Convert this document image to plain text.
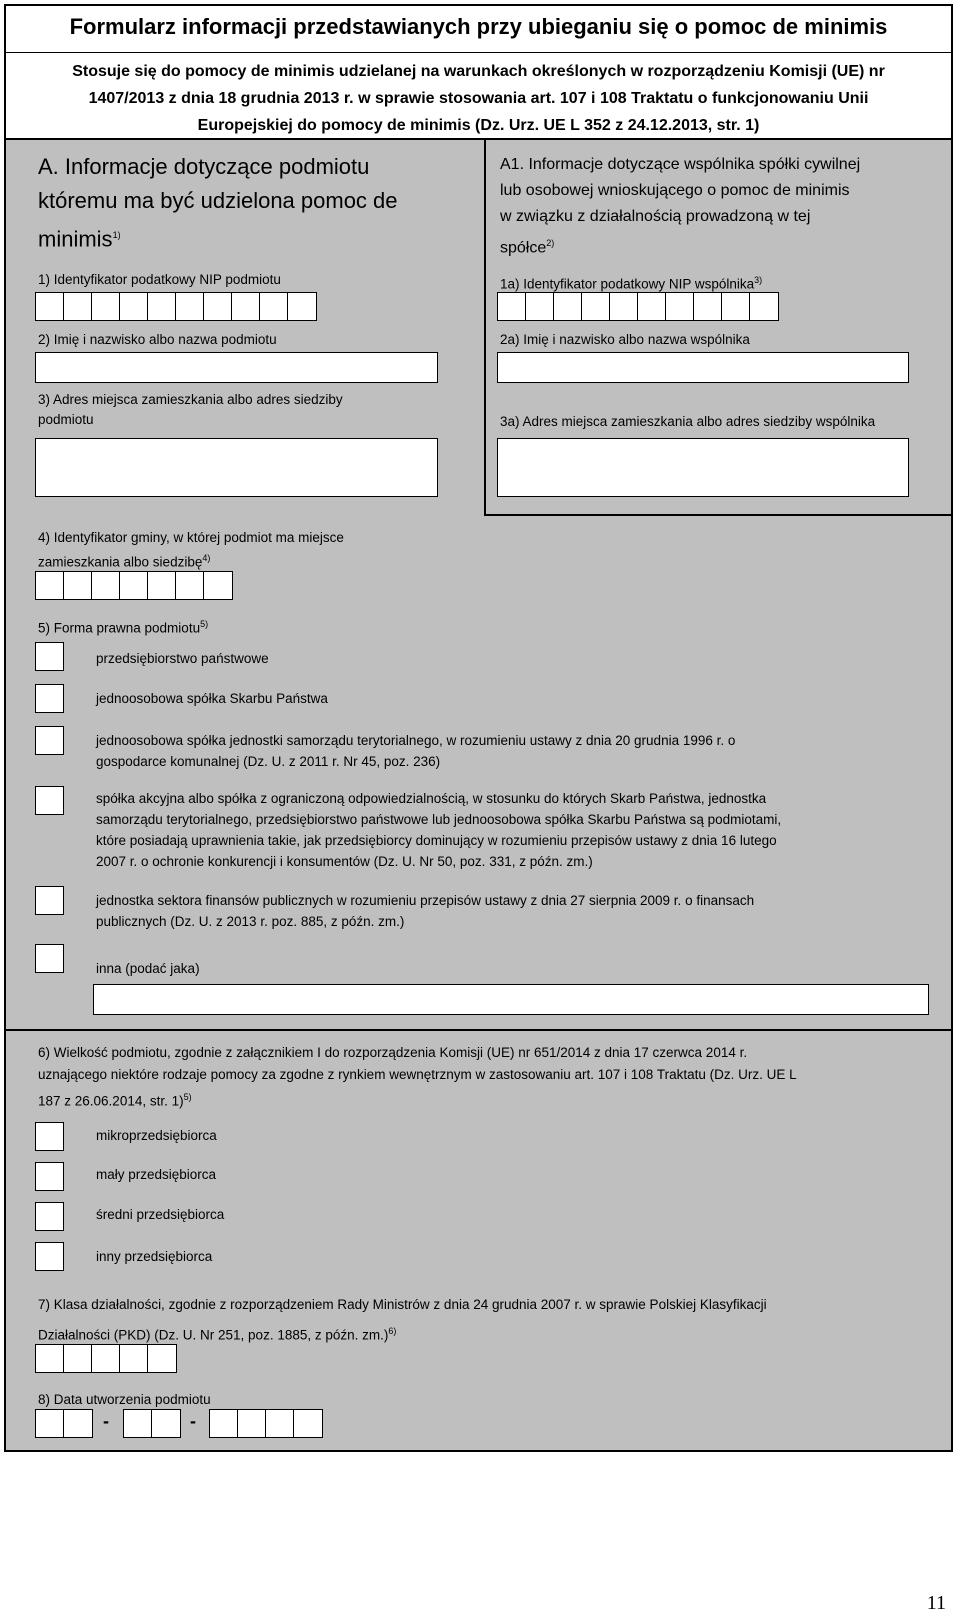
Formularz informacji przedstawianych przy ubieganiu się o pomoc de minimis
Stosuje się do pomocy de minimis udzielanej na warunkach określonych w rozporządzeniu Komisji (UE) nr
1407/2013 z dnia 18 grudnia 2013 r. w sprawie stosowania art. 107 i 108 Traktatu o funkcjonowaniu Unii
Europejskiej do pomocy de minimis (Dz. Urz. UE L 352 z 24.12.2013, str. 1)
A. Informacje dotyczące podmiotu
któremu ma być udzielona pomoc de
minimis$^{1)}$
A1. Informacje dotyczące wspólnika spółki cywilnej
lub osobowej wnioskującego o pomoc de minimis
w związku z działalnością prowadzoną w tej
spółce$^{2)}$
1) Identyfikator podatkowy NIP podmiotu	1a) Identyfikator podatkowy NIP wspólnika$^{3)}$
2) Imię i nazwisko albo nazwa podmiotu	2a) Imię i nazwisko albo nazwa wspólnika
3) Adres miejsca zamieszkania albo adres siedziby
podmiotu	3a) Adres miejsca zamieszkania albo adres siedziby wspólnika
4) Identyfikator gminy, w której podmiot ma miejsce
zamieszkania albo siedzibę$^{4)}$
5) Forma prawna podmiotu$^{5)}$
przedsiębiorstwo państwowe
jednoosobowa spółka Skarbu Państwa
jednoosobowa spółka jednostki samorządu terytorialnego, w rozumieniu ustawy z dnia 20 grudnia 1996 r. o
gospodarce komunalnej (Dz. U. z 2011 r. Nr 45, poz. 236)
spółka akcyjna albo spółka z ograniczoną odpowiedzialnością, w stosunku do których Skarb Państwa, jednostka
samorządu terytorialnego, przedsiębiorstwo państwowe lub jednoosobowa spółka Skarbu Państwa są podmiotami,
które posiadają uprawnienia takie, jak przedsiębiorcy dominujący w rozumieniu przepisów ustawy z dnia 16 lutego
2007 r. o ochronie konkurencji i konsumentów (Dz. U. Nr 50, poz. 331, z późn. zm.)
jednostka sektora finansów publicznych w rozumieniu przepisów ustawy z dnia 27 sierpnia 2009 r. o finansach
publicznych (Dz. U. z 2013 r. poz. 885, z późn. zm.)
inna (podać jaka)
6) Wielkość podmiotu, zgodnie z załącznikiem I do rozporządzenia Komisji (UE) nr 651/2014 z dnia 17 czerwca 2014 r.
uznającego niektóre rodzaje pomocy za zgodne z rynkiem wewnętrznym w zastosowaniu art. 107 i 108 Traktatu (Dz. Urz. UE L
187 z 26.06.2014, str. 1)$^{5)}$
mikroprzedsiębiorca
mały przedsiębiorca
średni przedsiębiorca
inny przedsiębiorca
7) Klasa działalności, zgodnie z rozporządzeniem Rady Ministrów z dnia 24 grudnia 2007 r. w sprawie Polskiej Klasyfikacji
Działalności (PKD) (Dz. U. Nr 251, poz. 1885, z późn. zm.)$^{6)}$
8) Data utworzenia podmiotu
-	-
11
